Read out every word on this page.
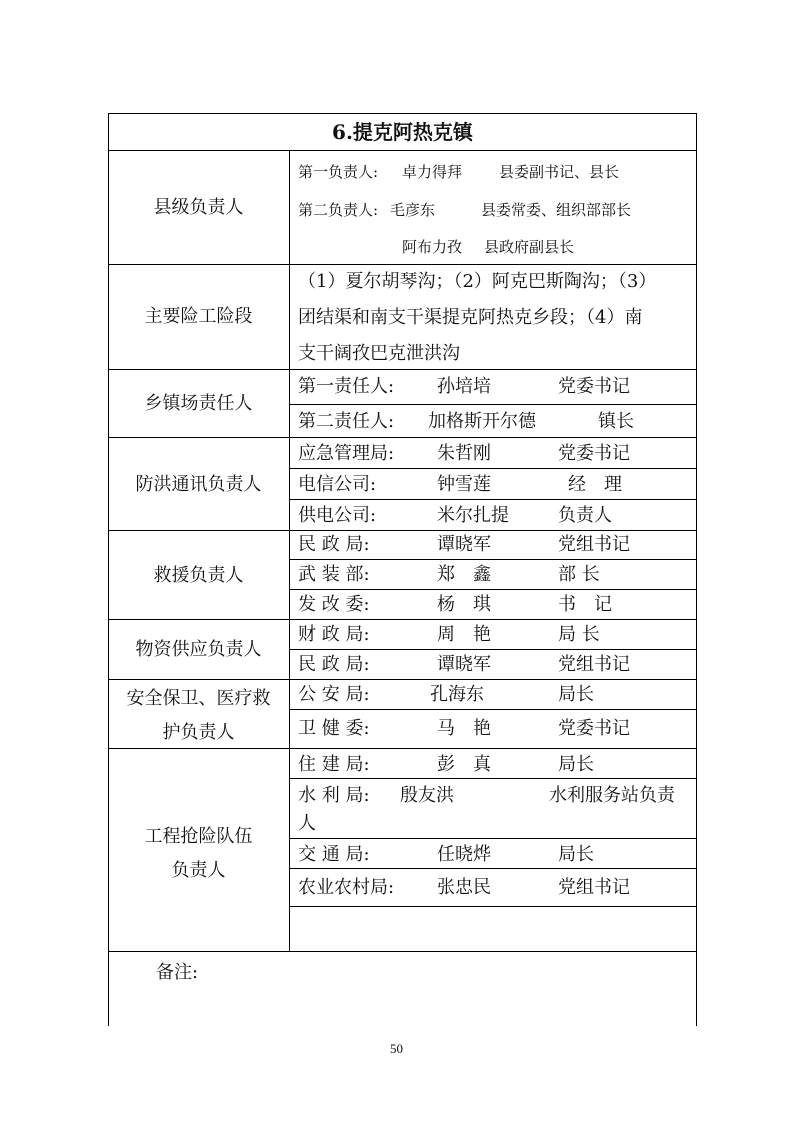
6.提克阿热克镇
县级负责人
第一负责人: 卓力得拜 县委副书记、县长
第二负责人: 毛彦东	县委常委、组织部部长
阿布力孜 县政府副县长
主要险工险段
（1）夏尔胡琴沟；（2）阿克巴斯陶沟；（3）
团结渠和南支干渠提克阿热克乡段；（4）南
支干阔孜巴克泄洪沟
乡镇场责任人
第一责任人: 孙培培	党委书记
第二责任人: 加格斯开尔德	镇长
防洪通讯负责人
应急管理局: 朱哲刚	党委书记
电信公司:	钟雪莲	经　理
供电公司:	米尔扎提	负责人
救援负责人
民 政 局:	谭晓军	党组书记
武 装 部:	郑　鑫	部 长
发 改 委:	杨　琪	书　记
物资供应负责人
财 政 局:	周　艳	局 长
民 政 局:	谭晓军	党组书记
安全保卫、医疗救
护负责人
公 安 局:	孔海东	局长
卫 健 委:	马　艳	党委书记
工程抢险队伍
负责人
住 建 局:	彭　真	局长
水 利 局: 殷友洪	水利服务站负责
人
交 通 局:	任晓烨	局长
农业农村局: 张忠民	党组书记
备注:
50
